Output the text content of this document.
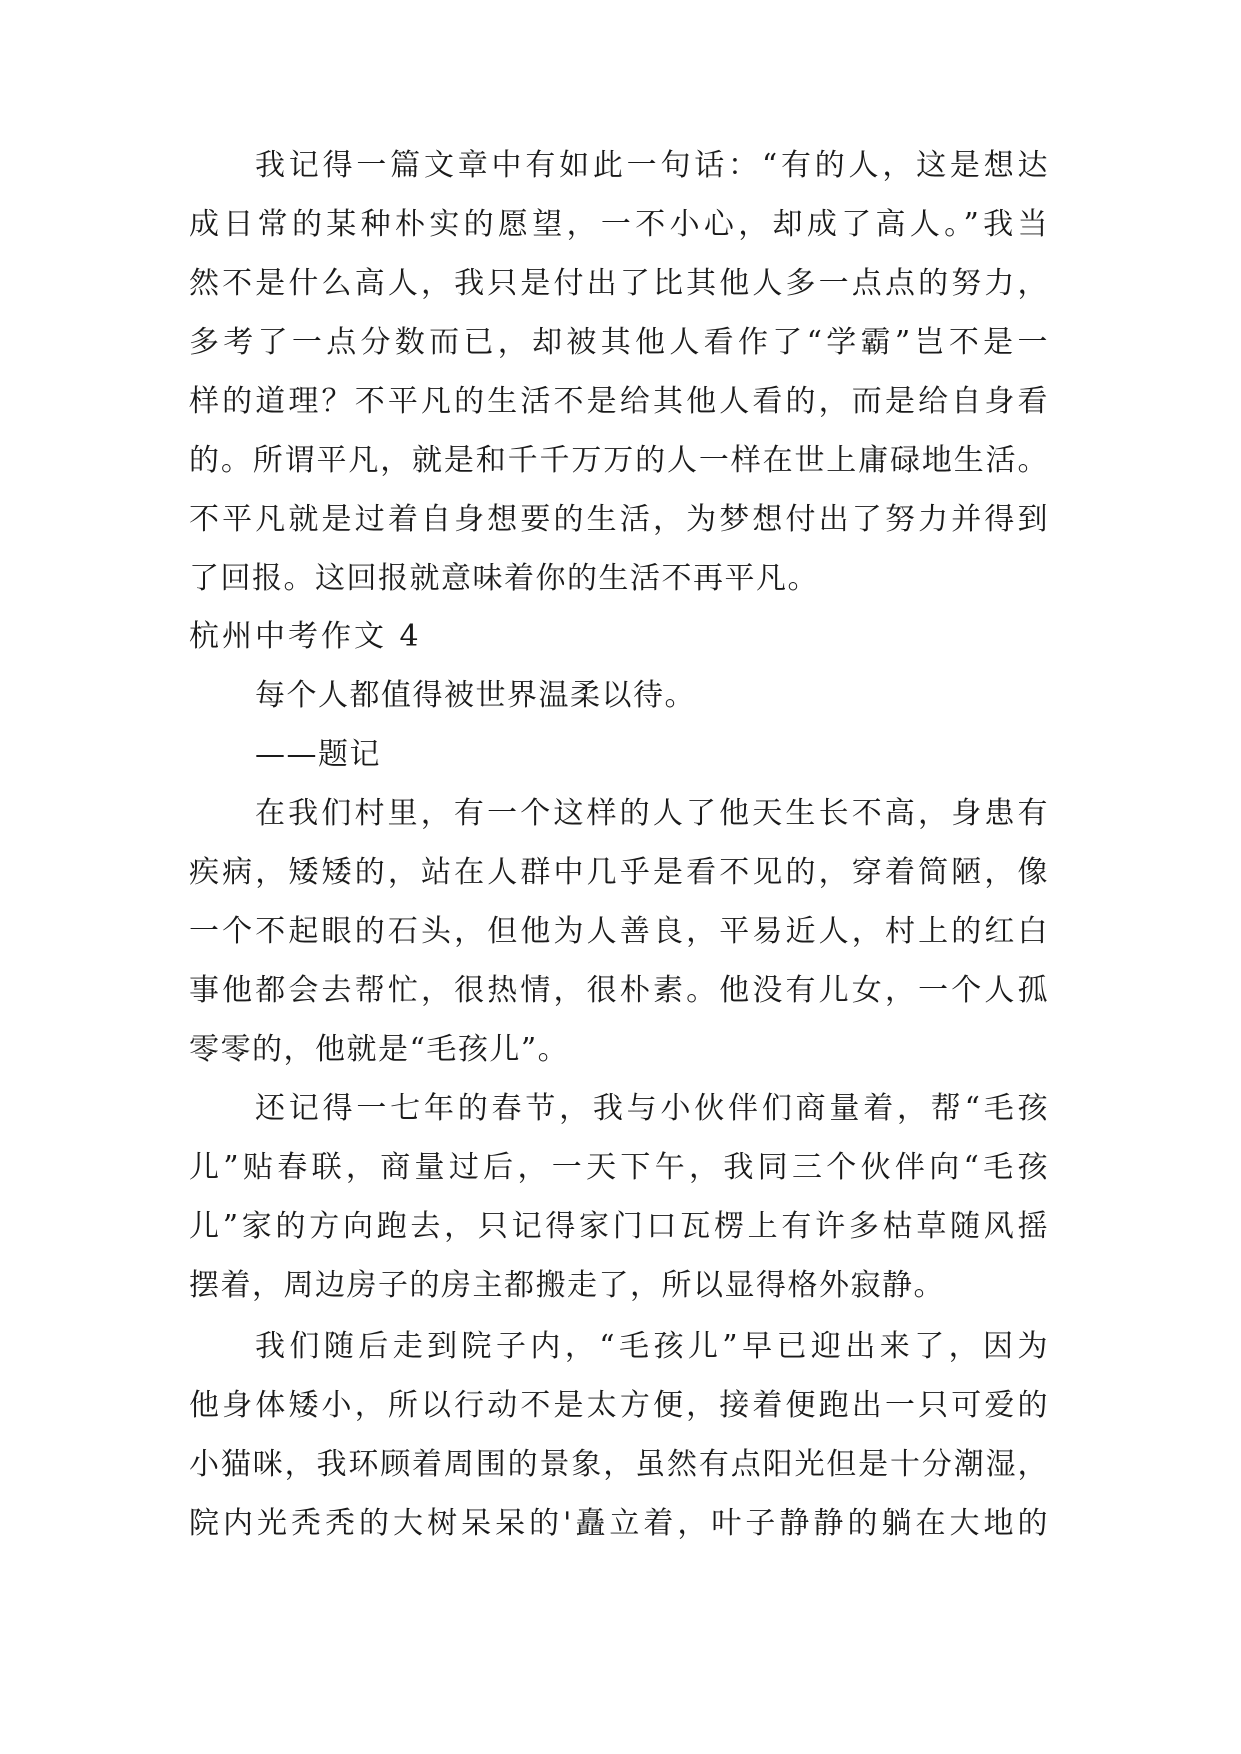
我记得一篇文章中有如此一句话：“有的人，这是想达
成日常的某种朴实的愿望，一不小心，却成了高人。”我当
然不是什么高人，我只是付出了比其他人多一点点的努力，
多考了一点分数而已，却被其他人看作了“学霸”岂不是一
样的道理？不平凡的生活不是给其他人看的，而是给自身看
的。所谓平凡，就是和千千万万的人一样在世上庸碌地生活。
不平凡就是过着自身想要的生活，为梦想付出了努力并得到
了回报。这回报就意味着你的生活不再平凡。
杭州中考作文 4
每个人都值得被世界温柔以待。
——题记
在我们村里，有一个这样的人了他天生长不高，身患有
疾病，矮矮的，站在人群中几乎是看不见的，穿着简陋，像
一个不起眼的石头，但他为人善良，平易近人，村上的红白
事他都会去帮忙，很热情，很朴素。他没有儿女，一个人孤
零零的，他就是“毛孩儿”。
还记得一七年的春节，我与小伙伴们商量着，帮“毛孩
儿”贴春联，商量过后，一天下午，我同三个伙伴向“毛孩
儿”家的方向跑去，只记得家门口瓦楞上有许多枯草随风摇
摆着，周边房子的房主都搬走了，所以显得格外寂静。
我们随后走到院子内，“毛孩儿”早已迎出来了，因为
他身体矮小，所以行动不是太方便，接着便跑出一只可爱的
小猫咪，我环顾着周围的景象，虽然有点阳光但是十分潮湿，
院内光秃秃的大树呆呆的'矗立着，叶子静静的躺在大地的
